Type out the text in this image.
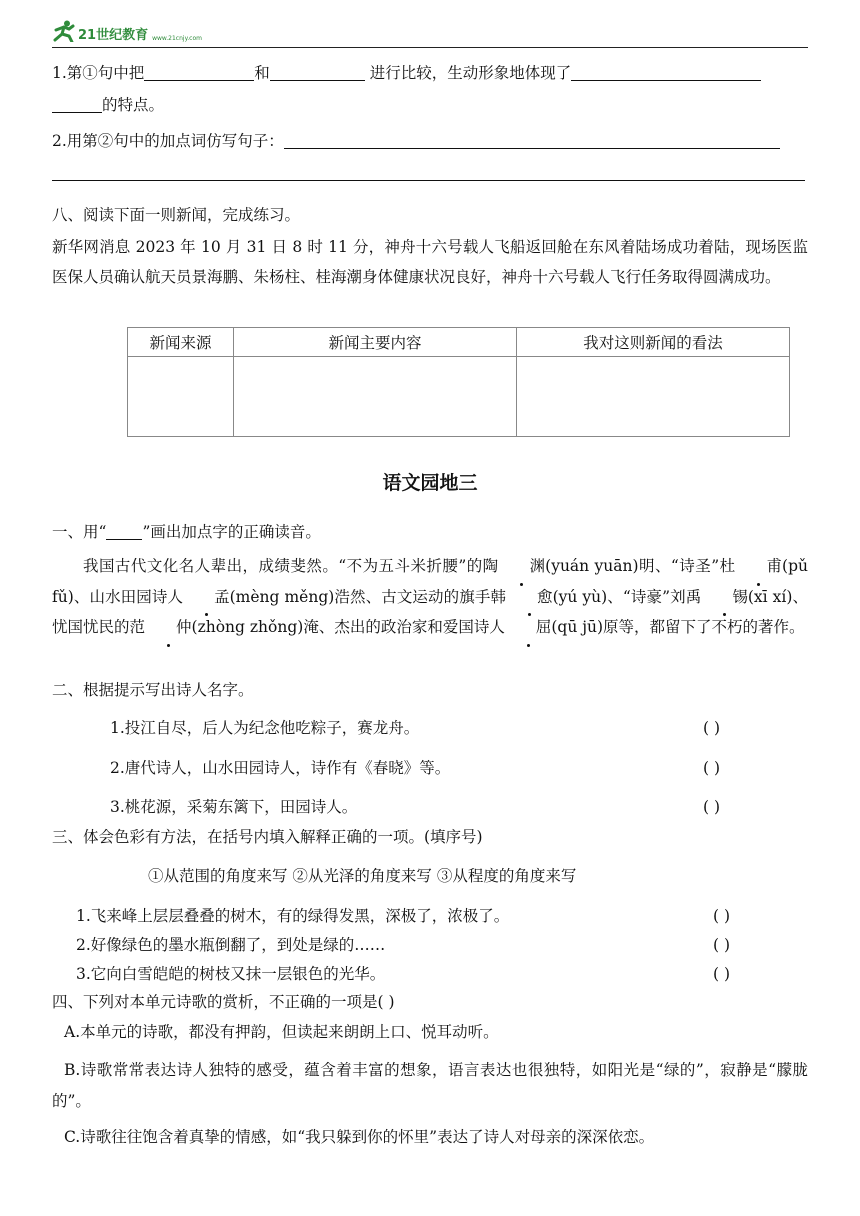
21世纪教育 www.21cnjy.com
1.第①句中把	和	进行比较，生动形象地体现了
的特点。
2.用第②句中的加点词仿写句子：
八、阅读下面一则新闻，完成练习。
新华网消息 2023 年 10 月 31 日 8 时 11 分，神舟十六号载人飞船返回舱在东风着陆场成功着陆，现场医监医保人员确认航天员景海鹏、朱杨柱、桂海潮身体健康状况良好，神舟十六号载人飞行任务取得圆满成功。
新闻来源	新闻主要内容	我对这则新闻的看法

语文园地三
一、用“ ”画出加点字的正确读音。
我国古代文化名人辈出，成绩斐然。“不为五斗米折腰”的陶 渊(yuán yuān)明、“诗圣”杜 甫(pǔ fǔ)、山水田园诗人 孟(mèng měng)浩然、古文运动的旗手韩 愈(yú yù)、“诗豪”刘禹 锡(xī xí)、忧国忧民的范 仲(zhòng zhǒng)淹、杰出的政治家和爱国诗人 屈(qū jū)原等，都留下了不朽的著作。
二、根据提示写出诗人名字。
1.投江自尽，后人为纪念他吃粽子，赛龙舟。	( )
2.唐代诗人，山水田园诗人，诗作有《春晓》等。	( )
3.桃花源，采菊东篱下，田园诗人。	( )
三、体会色彩有方法，在括号内填入解释正确的一项。(填序号)
①从范围的角度来写 ②从光泽的角度来写 ③从程度的角度来写
1.飞来峰上层层叠叠的树木，有的绿得发黑，深极了，浓极了。	( )
2.好像绿色的墨水瓶倒翻了，到处是绿的……	( )
3.它向白雪皑皑的树枝又抹一层银色的光华。	( )
四、下列对本单元诗歌的赏析，不正确的一项是( )
A.本单元的诗歌，都没有押韵，但读起来朗朗上口、悦耳动听。
B.诗歌常常表达诗人独特的感受，蕴含着丰富的想象，语言表达也很独特，如阳光是“绿的”，寂静是“朦胧的”。
C.诗歌往往饱含着真挚的情感，如“我只躲到你的怀里”表达了诗人对母亲的深深依恋。
